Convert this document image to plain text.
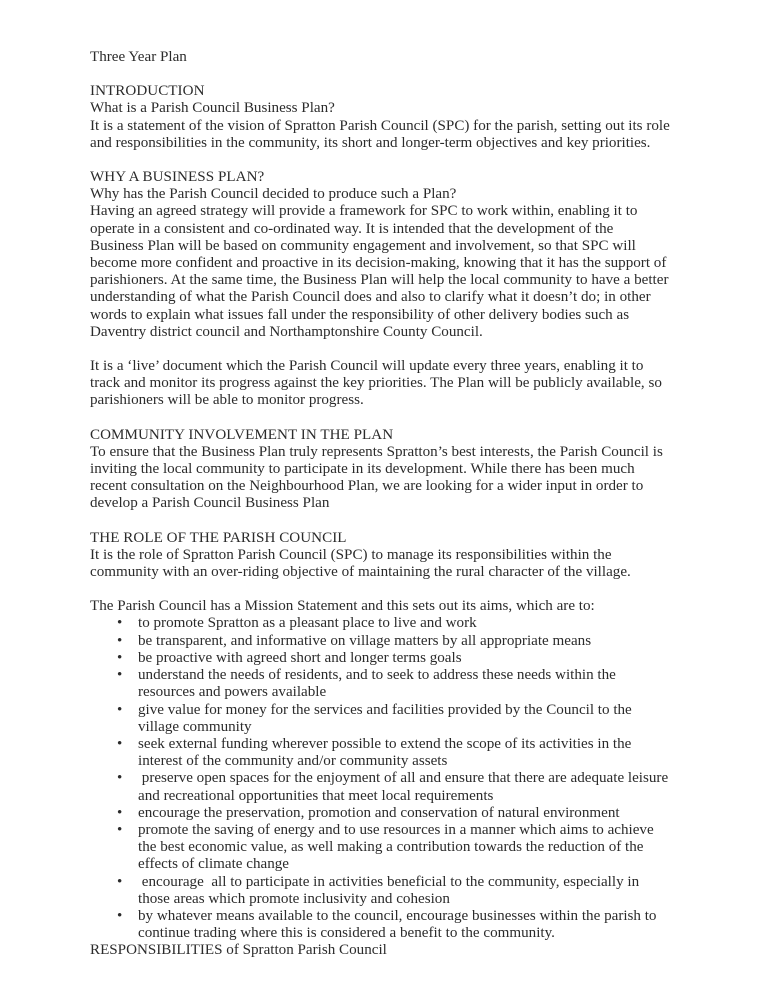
Three Year Plan

INTRODUCTION

What is a Parish Council Business Plan?

It is a statement of the vision of Spratton Parish Council (SPC) for the parish, setting out its role and responsibilities in the community, its short and longer-term objectives and key priorities.

WHY A BUSINESS PLAN?

Why has the Parish Council decided to produce such a Plan?

Having an agreed strategy will provide a framework for SPC to work within, enabling it to operate in a consistent and co-ordinated way. It is intended that the development of the Business Plan will be based on community engagement and involvement, so that SPC will become more confident and proactive in its decision-making, knowing that it has the support of parishioners. At the same time, the Business Plan will help the local community to have a better understanding of what the Parish Council does and also to clarify what it doesn’t do; in other words to explain what issues fall under the responsibility of other delivery bodies such as Daventry district council and Northamptonshire County Council.

It is a ‘live’ document which the Parish Council will update every three years, enabling it to track and monitor its progress against the key priorities. The Plan will be publicly available, so parishioners will be able to monitor progress.

COMMUNITY INVOLVEMENT IN THE PLAN

To ensure that the Business Plan truly represents Spratton’s best interests, the Parish Council is inviting the local community to participate in its development. While there has been much recent consultation on the Neighbourhood Plan, we are looking for a wider input in order to develop a Parish Council Business Plan

THE ROLE OF THE PARISH COUNCIL

It is the role of Spratton Parish Council (SPC) to manage its responsibilities within the community with an over-riding objective of maintaining the rural character of the village.

The Parish Council has a Mission Statement and this sets out its aims, which are to:

• to promote Spratton as a pleasant place to live and work
• be transparent, and informative on village matters by all appropriate means
• be proactive with agreed short and longer terms goals
• understand the needs of residents, and to seek to address these needs within the resources and powers available
• give value for money for the services and facilities provided by the Council to the village community
• seek external funding wherever possible to extend the scope of its activities in the interest of the community and/or community assets
• preserve open spaces for the enjoyment of all and ensure that there are adequate leisure and recreational opportunities that meet local requirements
• encourage the preservation, promotion and conservation of natural environment
• promote the saving of energy and to use resources in a manner which aims to achieve the best economic value, as well making a contribution towards the reduction of the effects of climate change
• encourage  all to participate in activities beneficial to the community, especially in those areas which promote inclusivity and cohesion
• by whatever means available to the council, encourage businesses within the parish to continue trading where this is considered a benefit to the community.

RESPONSIBILITIES of Spratton Parish Council
